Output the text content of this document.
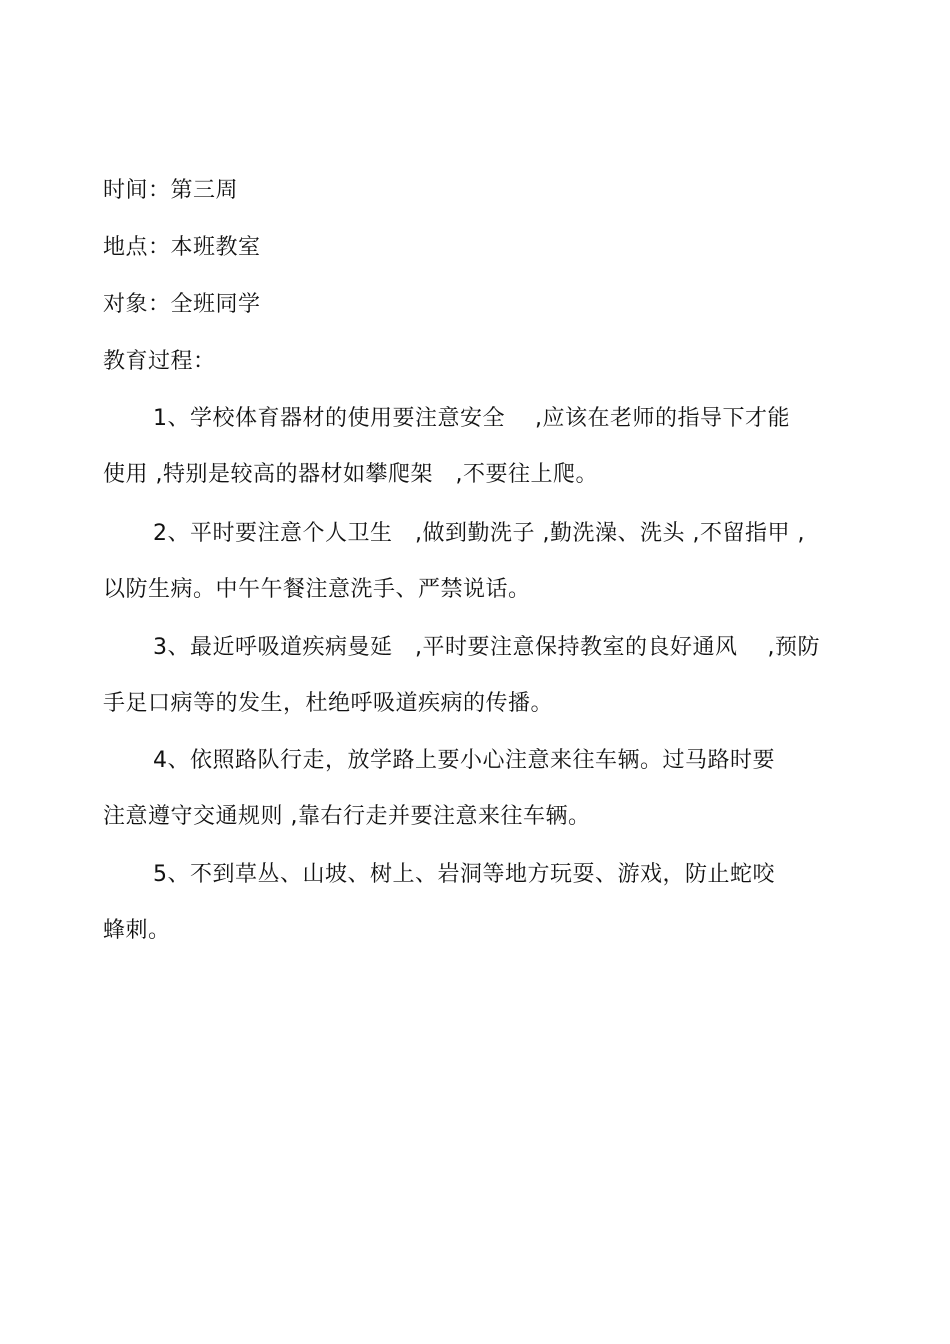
时间：第三周
地点：本班教室
对象：全班同学
教育过程：
1、学校体育器材的使用要注意安全　 ,应该在老师的指导下才能
使用 ,特别是较高的器材如攀爬架　,不要往上爬。
2、平时要注意个人卫生　,做到勤洗子 ,勤洗澡、洗头 ,不留指甲 ,
以防生病。中午午餐注意洗手、严禁说话。
3、最近呼吸道疾病曼延　,平时要注意保持教室的良好通风　 ,预防
手足口病等的发生，杜绝呼吸道疾病的传播。
4、依照路队行走，放学路上要小心注意来往车辆。过马路时要
注意遵守交通规则 ,靠右行走并要注意来往车辆。
5、不到草丛、山坡、树上、岩洞等地方玩耍、游戏，防止蛇咬
蜂刺。
